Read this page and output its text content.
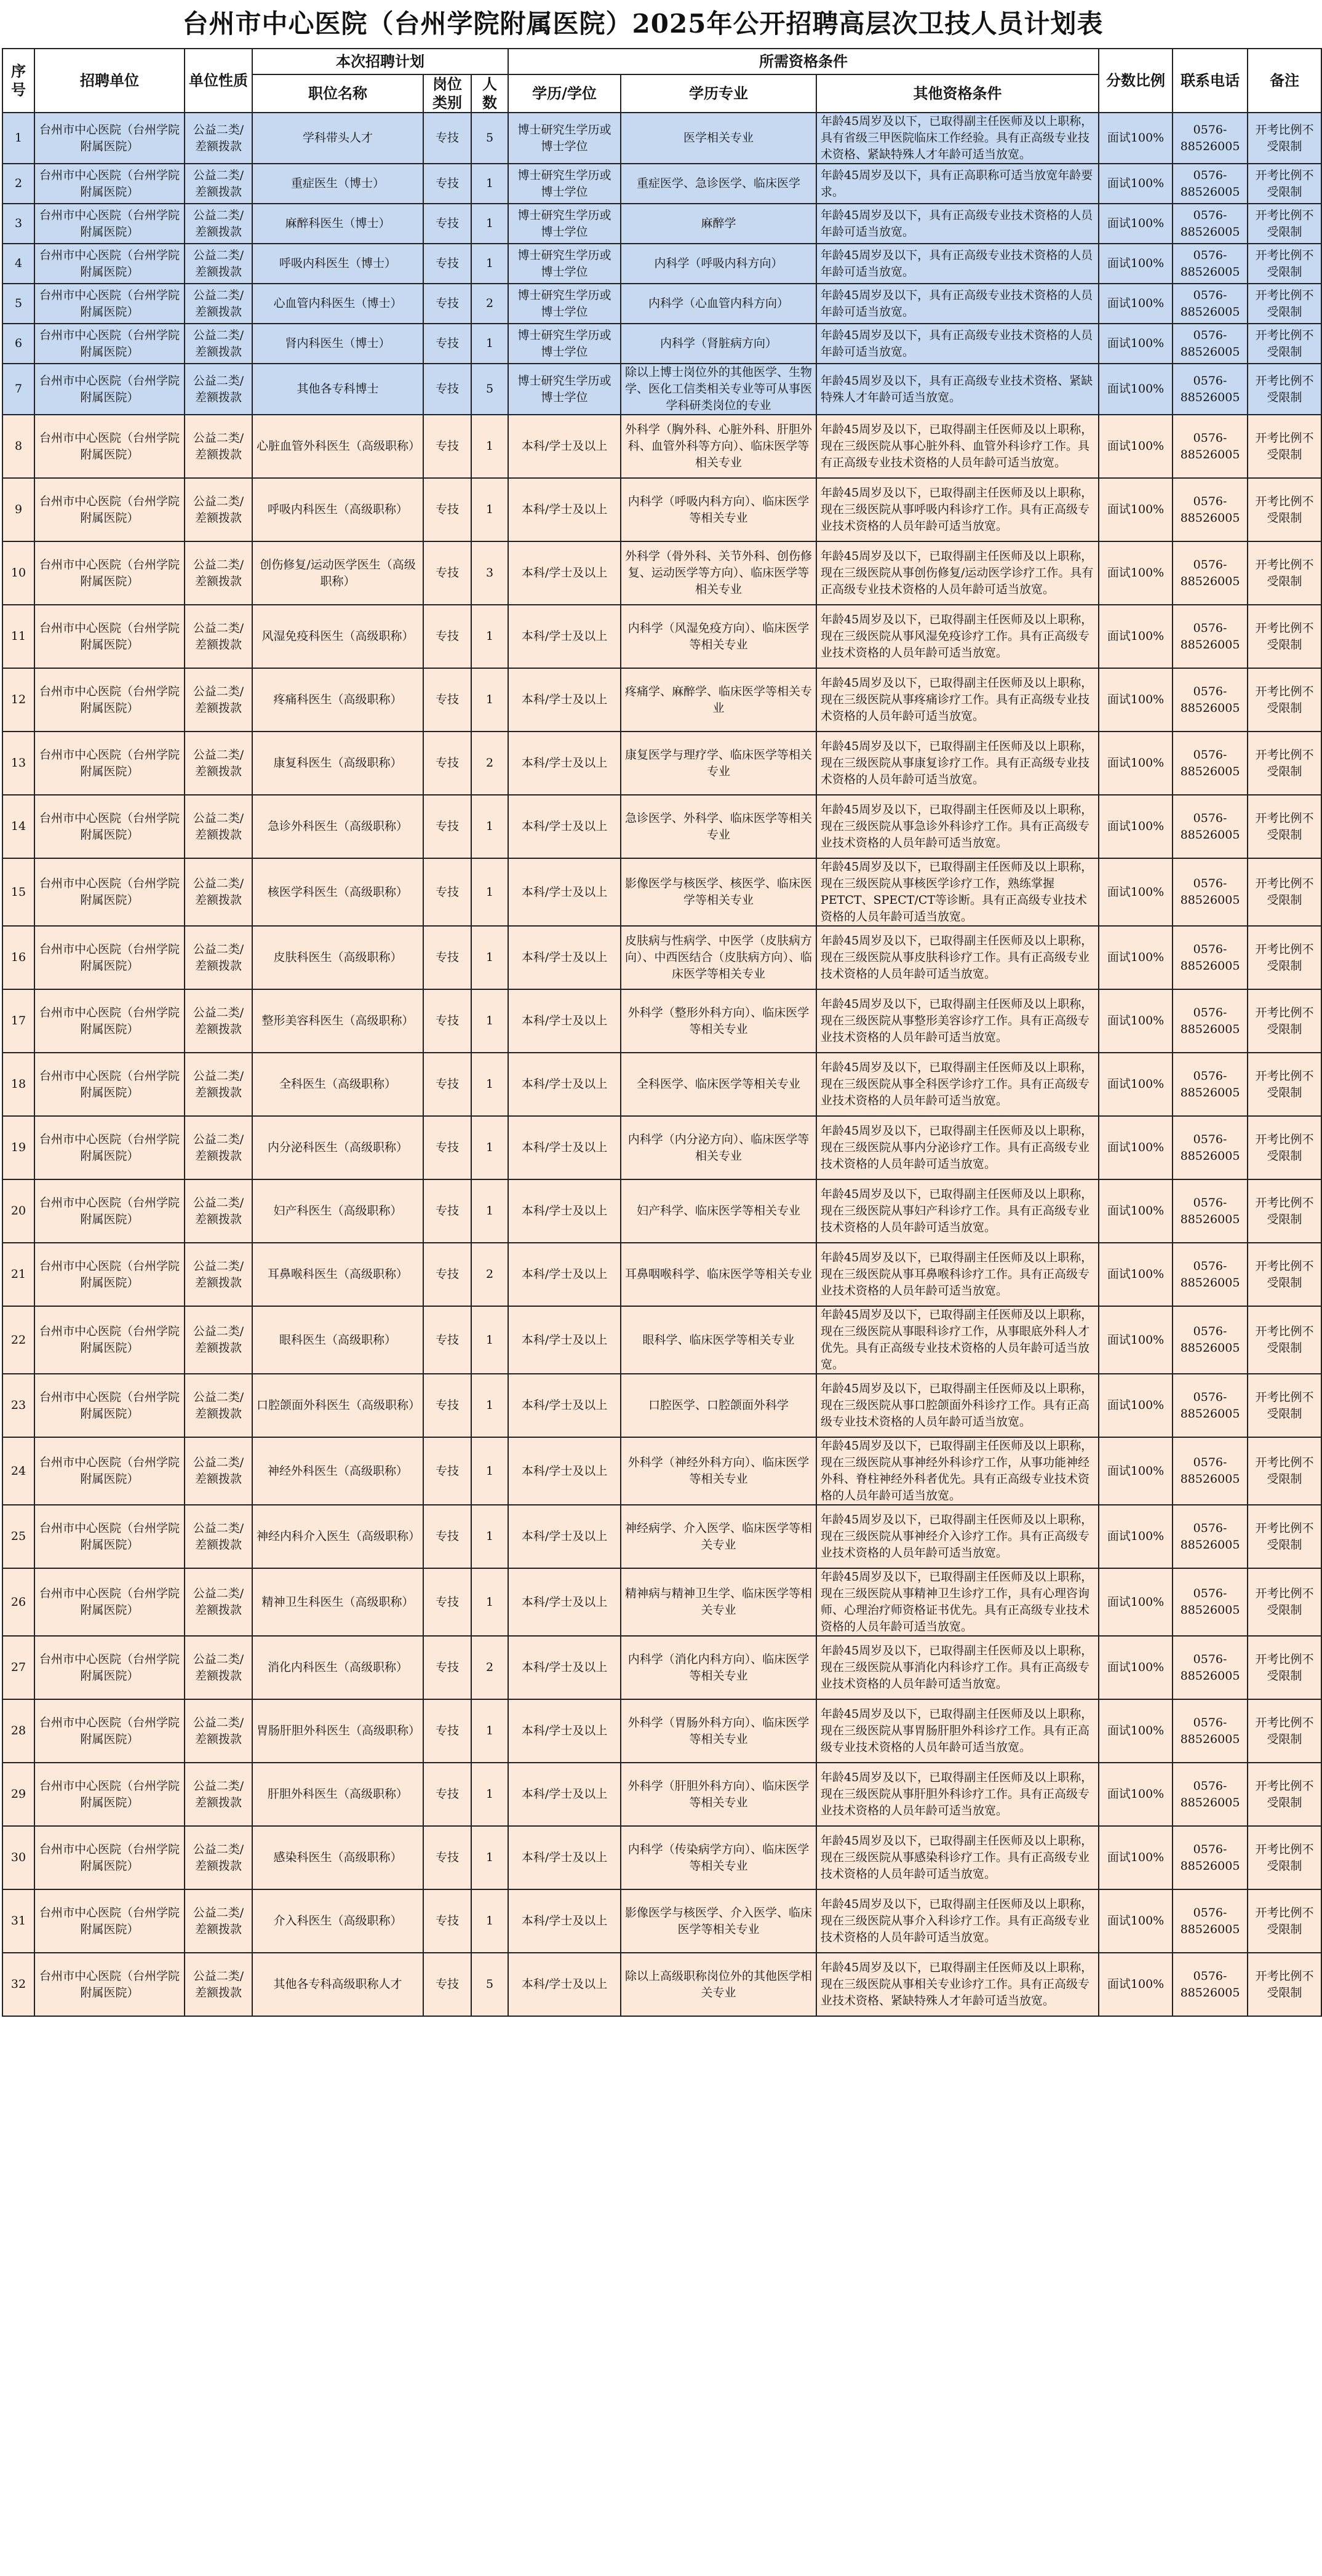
台州市中心医院（台州学院附属医院）2025年公开招聘高层次卫技人员计划表
序号	招聘单位	单位性质	本次招聘计划			所需资格条件			分数比例	联系电话	备注
			职位名称	岗位类别	人数	学历/学位	学历专业	其他资格条件			
1	台州市中心医院（台州学院附属医院）	公益二类/差额拨款	学科带头人才	专技	5	博士研究生学历或博士学位	医学相关专业	年龄45周岁及以下，已取得副主任医师及以上职称，具有省级三甲医院临床工作经验。具有正高级专业技术资格、紧缺特殊人才年龄可适当放宽。	面试100%	0576-88526005	开考比例不受限制
2	台州市中心医院（台州学院附属医院）	公益二类/差额拨款	重症医生（博士）	专技	1	博士研究生学历或博士学位	重症医学、急诊医学、临床医学	年龄45周岁及以下，具有正高职称可适当放宽年龄要求。	面试100%	0576-88526005	开考比例不受限制
3	台州市中心医院（台州学院附属医院）	公益二类/差额拨款	麻醉科医生（博士）	专技	1	博士研究生学历或博士学位	麻醉学	年龄45周岁及以下，具有正高级专业技术资格的人员年龄可适当放宽。	面试100%	0576-88526005	开考比例不受限制
4	台州市中心医院（台州学院附属医院）	公益二类/差额拨款	呼吸内科医生（博士）	专技	1	博士研究生学历或博士学位	内科学（呼吸内科方向）	年龄45周岁及以下，具有正高级专业技术资格的人员年龄可适当放宽。	面试100%	0576-88526005	开考比例不受限制
5	台州市中心医院（台州学院附属医院）	公益二类/差额拨款	心血管内科医生（博士）	专技	2	博士研究生学历或博士学位	内科学（心血管内科方向）	年龄45周岁及以下，具有正高级专业技术资格的人员年龄可适当放宽。	面试100%	0576-88526005	开考比例不受限制
6	台州市中心医院（台州学院附属医院）	公益二类/差额拨款	肾内科医生（博士）	专技	1	博士研究生学历或博士学位	内科学（肾脏病方向）	年龄45周岁及以下，具有正高级专业技术资格的人员年龄可适当放宽。	面试100%	0576-88526005	开考比例不受限制
7	台州市中心医院（台州学院附属医院）	公益二类/差额拨款	其他各专科博士	专技	5	博士研究生学历或博士学位	除以上博士岗位外的其他医学、生物学、医化工信类相关专业等可从事医学科研类岗位的专业	年龄45周岁及以下，具有正高级专业技术资格、紧缺特殊人才年龄可适当放宽。	面试100%	0576-88526005	开考比例不受限制
8	台州市中心医院（台州学院附属医院）	公益二类/差额拨款	心脏血管外科医生（高级职称）	专技	1	本科/学士及以上	外科学（胸外科、心脏外科、肝胆外科、血管外科等方向）、临床医学等相关专业	年龄45周岁及以下，已取得副主任医师及以上职称，现在三级医院从事心脏外科、血管外科诊疗工作。具有正高级专业技术资格的人员年龄可适当放宽。	面试100%	0576-88526005	开考比例不受限制
9	台州市中心医院（台州学院附属医院）	公益二类/差额拨款	呼吸内科医生（高级职称）	专技	1	本科/学士及以上	内科学（呼吸内科方向）、临床医学等相关专业	年龄45周岁及以下，已取得副主任医师及以上职称，现在三级医院从事呼吸内科诊疗工作。具有正高级专业技术资格的人员年龄可适当放宽。	面试100%	0576-88526005	开考比例不受限制
10	台州市中心医院（台州学院附属医院）	公益二类/差额拨款	创伤修复/运动医学医生（高级职称）	专技	3	本科/学士及以上	外科学（骨外科、关节外科、创伤修复、运动医学等方向）、临床医学等相关专业	年龄45周岁及以下，已取得副主任医师及以上职称，现在三级医院从事创伤修复/运动医学诊疗工作。具有正高级专业技术资格的人员年龄可适当放宽。	面试100%	0576-88526005	开考比例不受限制
11	台州市中心医院（台州学院附属医院）	公益二类/差额拨款	风湿免疫科医生（高级职称）	专技	1	本科/学士及以上	内科学（风湿免疫方向）、临床医学等相关专业	年龄45周岁及以下，已取得副主任医师及以上职称，现在三级医院从事风湿免疫诊疗工作。具有正高级专业技术资格的人员年龄可适当放宽。	面试100%	0576-88526005	开考比例不受限制
12	台州市中心医院（台州学院附属医院）	公益二类/差额拨款	疼痛科医生（高级职称）	专技	1	本科/学士及以上	疼痛学、麻醉学、临床医学等相关专业	年龄45周岁及以下，已取得副主任医师及以上职称，现在三级医院从事疼痛诊疗工作。具有正高级专业技术资格的人员年龄可适当放宽。	面试100%	0576-88526005	开考比例不受限制
13	台州市中心医院（台州学院附属医院）	公益二类/差额拨款	康复科医生（高级职称）	专技	2	本科/学士及以上	康复医学与理疗学、临床医学等相关专业	年龄45周岁及以下，已取得副主任医师及以上职称，现在三级医院从事康复诊疗工作。具有正高级专业技术资格的人员年龄可适当放宽。	面试100%	0576-88526005	开考比例不受限制
14	台州市中心医院（台州学院附属医院）	公益二类/差额拨款	急诊外科医生（高级职称）	专技	1	本科/学士及以上	急诊医学、外科学、临床医学等相关专业	年龄45周岁及以下，已取得副主任医师及以上职称，现在三级医院从事急诊外科诊疗工作。具有正高级专业技术资格的人员年龄可适当放宽。	面试100%	0576-88526005	开考比例不受限制
15	台州市中心医院（台州学院附属医院）	公益二类/差额拨款	核医学科医生（高级职称）	专技	1	本科/学士及以上	影像医学与核医学、核医学、临床医学等相关专业	年龄45周岁及以下，已取得副主任医师及以上职称，现在三级医院从事核医学诊疗工作，熟练掌握PETCT、SPECT/CT等诊断。具有正高级专业技术资格的人员年龄可适当放宽。	面试100%	0576-88526005	开考比例不受限制
16	台州市中心医院（台州学院附属医院）	公益二类/差额拨款	皮肤科医生（高级职称）	专技	1	本科/学士及以上	皮肤病与性病学、中医学（皮肤病方向）、中西医结合（皮肤病方向）、临床医学等相关专业	年龄45周岁及以下，已取得副主任医师及以上职称，现在三级医院从事皮肤科诊疗工作。具有正高级专业技术资格的人员年龄可适当放宽。	面试100%	0576-88526005	开考比例不受限制
17	台州市中心医院（台州学院附属医院）	公益二类/差额拨款	整形美容科医生（高级职称）	专技	1	本科/学士及以上	外科学（整形外科方向）、临床医学等相关专业	年龄45周岁及以下，已取得副主任医师及以上职称，现在三级医院从事整形美容诊疗工作。具有正高级专业技术资格的人员年龄可适当放宽。	面试100%	0576-88526005	开考比例不受限制
18	台州市中心医院（台州学院附属医院）	公益二类/差额拨款	全科医生（高级职称）	专技	1	本科/学士及以上	全科医学、临床医学等相关专业	年龄45周岁及以下，已取得副主任医师及以上职称，现在三级医院从事全科医学诊疗工作。具有正高级专业技术资格的人员年龄可适当放宽。	面试100%	0576-88526005	开考比例不受限制
19	台州市中心医院（台州学院附属医院）	公益二类/差额拨款	内分泌科医生（高级职称）	专技	1	本科/学士及以上	内科学（内分泌方向）、临床医学等相关专业	年龄45周岁及以下，已取得副主任医师及以上职称，现在三级医院从事内分泌诊疗工作。具有正高级专业技术资格的人员年龄可适当放宽。	面试100%	0576-88526005	开考比例不受限制
20	台州市中心医院（台州学院附属医院）	公益二类/差额拨款	妇产科医生（高级职称）	专技	1	本科/学士及以上	妇产科学、临床医学等相关专业	年龄45周岁及以下，已取得副主任医师及以上职称，现在三级医院从事妇产科诊疗工作。具有正高级专业技术资格的人员年龄可适当放宽。	面试100%	0576-88526005	开考比例不受限制
21	台州市中心医院（台州学院附属医院）	公益二类/差额拨款	耳鼻喉科医生（高级职称）	专技	2	本科/学士及以上	耳鼻咽喉科学、临床医学等相关专业	年龄45周岁及以下，已取得副主任医师及以上职称，现在三级医院从事耳鼻喉科诊疗工作。具有正高级专业技术资格的人员年龄可适当放宽。	面试100%	0576-88526005	开考比例不受限制
22	台州市中心医院（台州学院附属医院）	公益二类/差额拨款	眼科医生（高级职称）	专技	1	本科/学士及以上	眼科学、临床医学等相关专业	年龄45周岁及以下，已取得副主任医师及以上职称，现在三级医院从事眼科诊疗工作，从事眼底外科人才优先。具有正高级专业技术资格的人员年龄可适当放宽。	面试100%	0576-88526005	开考比例不受限制
23	台州市中心医院（台州学院附属医院）	公益二类/差额拨款	口腔颌面外科医生（高级职称）	专技	1	本科/学士及以上	口腔医学、口腔颌面外科学	年龄45周岁及以下，已取得副主任医师及以上职称，现在三级医院从事口腔颌面外科诊疗工作。具有正高级专业技术资格的人员年龄可适当放宽。	面试100%	0576-88526005	开考比例不受限制
24	台州市中心医院（台州学院附属医院）	公益二类/差额拨款	神经外科医生（高级职称）	专技	1	本科/学士及以上	外科学（神经外科方向）、临床医学等相关专业	年龄45周岁及以下，已取得副主任医师及以上职称，现在三级医院从事神经外科诊疗工作，从事功能神经外科、脊柱神经外科者优先。具有正高级专业技术资格的人员年龄可适当放宽。	面试100%	0576-88526005	开考比例不受限制
25	台州市中心医院（台州学院附属医院）	公益二类/差额拨款	神经内科介入医生（高级职称）	专技	1	本科/学士及以上	神经病学、介入医学、临床医学等相关专业	年龄45周岁及以下，已取得副主任医师及以上职称，现在三级医院从事神经介入诊疗工作。具有正高级专业技术资格的人员年龄可适当放宽。	面试100%	0576-88526005	开考比例不受限制
26	台州市中心医院（台州学院附属医院）	公益二类/差额拨款	精神卫生科医生（高级职称）	专技	1	本科/学士及以上	精神病与精神卫生学、临床医学等相关专业	年龄45周岁及以下，已取得副主任医师及以上职称，现在三级医院从事精神卫生诊疗工作，具有心理咨询师、心理治疗师资格证书优先。具有正高级专业技术资格的人员年龄可适当放宽。	面试100%	0576-88526005	开考比例不受限制
27	台州市中心医院（台州学院附属医院）	公益二类/差额拨款	消化内科医生（高级职称）	专技	2	本科/学士及以上	内科学（消化内科方向）、临床医学等相关专业	年龄45周岁及以下，已取得副主任医师及以上职称，现在三级医院从事消化内科诊疗工作。具有正高级专业技术资格的人员年龄可适当放宽。	面试100%	0576-88526005	开考比例不受限制
28	台州市中心医院（台州学院附属医院）	公益二类/差额拨款	胃肠肝胆外科医生（高级职称）	专技	1	本科/学士及以上	外科学（胃肠外科方向）、临床医学等相关专业	年龄45周岁及以下，已取得副主任医师及以上职称，现在三级医院从事胃肠肝胆外科诊疗工作。具有正高级专业技术资格的人员年龄可适当放宽。	面试100%	0576-88526005	开考比例不受限制
29	台州市中心医院（台州学院附属医院）	公益二类/差额拨款	肝胆外科医生（高级职称）	专技	1	本科/学士及以上	外科学（肝胆外科方向）、临床医学等相关专业	年龄45周岁及以下，已取得副主任医师及以上职称，现在三级医院从事肝胆外科诊疗工作。具有正高级专业技术资格的人员年龄可适当放宽。	面试100%	0576-88526005	开考比例不受限制
30	台州市中心医院（台州学院附属医院）	公益二类/差额拨款	感染科医生（高级职称）	专技	1	本科/学士及以上	内科学（传染病学方向）、临床医学等相关专业	年龄45周岁及以下，已取得副主任医师及以上职称，现在三级医院从事感染科诊疗工作。具有正高级专业技术资格的人员年龄可适当放宽。	面试100%	0576-88526005	开考比例不受限制
31	台州市中心医院（台州学院附属医院）	公益二类/差额拨款	介入科医生（高级职称）	专技	1	本科/学士及以上	影像医学与核医学、介入医学、临床医学等相关专业	年龄45周岁及以下，已取得副主任医师及以上职称，现在三级医院从事介入科诊疗工作。具有正高级专业技术资格的人员年龄可适当放宽。	面试100%	0576-88526005	开考比例不受限制
32	台州市中心医院（台州学院附属医院）	公益二类/差额拨款	其他各专科高级职称人才	专技	5	本科/学士及以上	除以上高级职称岗位外的其他医学相关专业	年龄45周岁及以下，已取得副主任医师及以上职称，现在三级医院从事相关专业诊疗工作。具有正高级专业技术资格、紧缺特殊人才年龄可适当放宽。	面试100%	0576-88526005	开考比例不受限制
